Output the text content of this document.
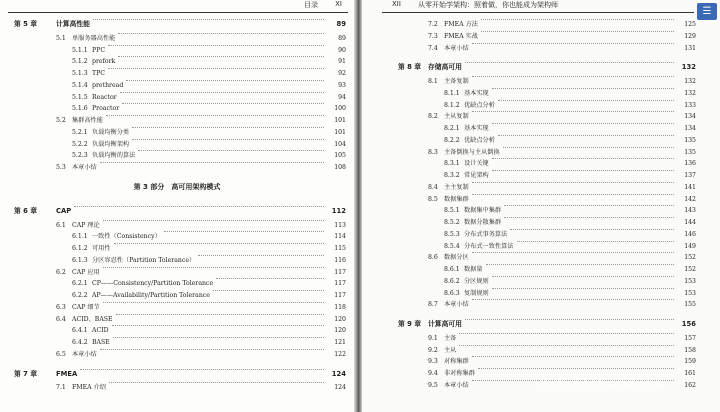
目录	XI
第 5 章	计算高性能	89
5.1 单服务器高性能	89
5.1.1 PPC	90
5.1.2 prefork	91
5.1.3 TPC	92
5.1.4 prethread	93
5.1.5 Reactor	94
5.1.6 Proactor	100
5.2 集群高性能	101
5.2.1 负载均衡分类	101
5.2.2 负载均衡架构	104
5.2.3 负载均衡的算法	105
5.3 本章小结	108
第 3 部分　高可用架构模式
第 6 章	CAP	112
6.1 CAP 理论	113
6.1.1 一致性（Consistency）	114
6.1.2 可用性	115
6.1.3 分区容忍性（Partition Tolerance）	116
6.2 CAP 应用	117
6.2.1 CP——Consistency/Partition Tolerance	117
6.2.2 AP——Availability/Partition Tolerance	117
6.3 CAP 细节	118
6.4 ACID、BASE	120
6.4.1 ACID	120
6.4.2 BASE	121
6.5 本章小结	122
第 7 章	FMEA	124
7.1 FMEA 介绍	124
XII	从零开始学架构：照着做，你也能成为架构师
7.2 FMEA 方法	125
7.3 FMEA 实战	129
7.4 本章小结	131
第 8 章 存储高可用	132
8.1 主备复制	132
8.1.1 基本实现	132
8.1.2 优缺点分析	133
8.2 主从复制	134
8.2.1 基本实现	134
8.2.2 优缺点分析	135
8.3 主备倒换与主从倒换	135
8.3.1 设计关键	136
8.3.2 常见架构	137
8.4 主主复制	141
8.5 数据集群	142
8.5.1 数据集中集群	143
8.5.2 数据分散集群	144
8.5.3 分布式事务算法	146
8.5.4 分布式一致性算法	149
8.6 数据分区	152
8.6.1 数据量	152
8.6.2 分区规则	153
8.6.3 复制规则	153
8.7 本章小结	155
第 9 章 计算高可用	156
9.1 主备	157
9.2 主从	158
9.3 对称集群	159
9.4 非对称集群	161
9.5 本章小结	162
☰
知乎 @chenzixia
